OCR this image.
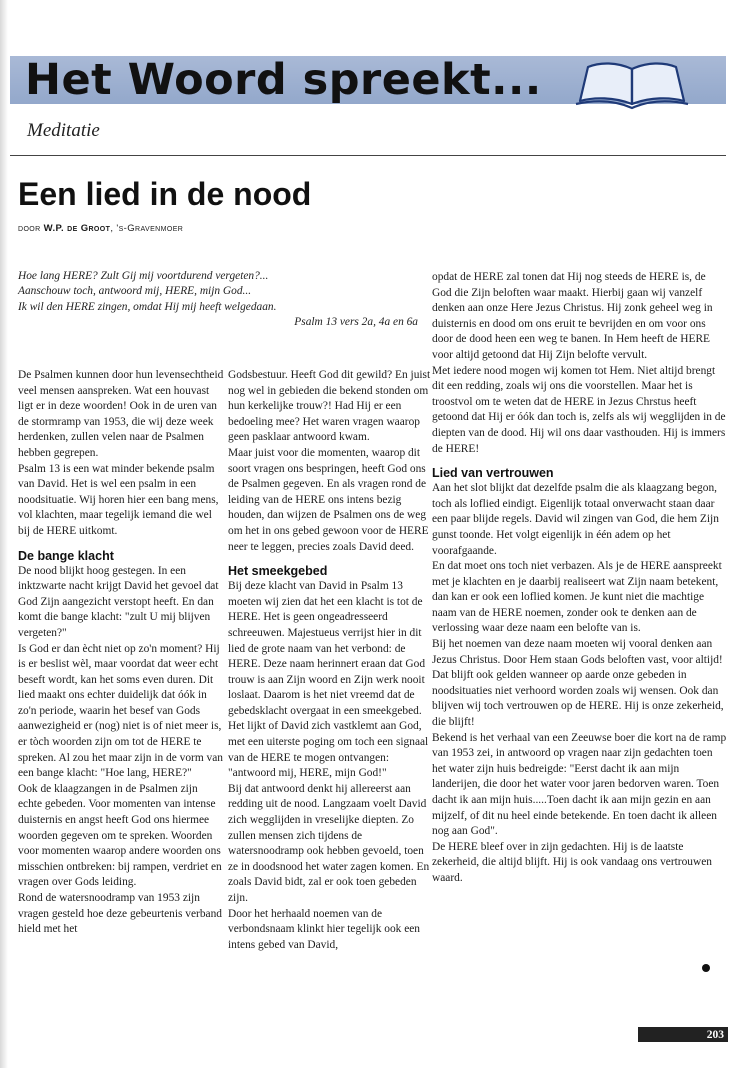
Het Woord spreekt...

Meditatie

Een lied in de nood
door W.P. de Groot, 's-Gravenmoer
Hoe lang HERE? Zult Gij mij voortdurend vergeten?...
Aanschouw toch, antwoord mij, HERE, mijn God...
Ik wil den HERE zingen, omdat Hij mij heeft welgedaan.
Psalm 13 vers 2a, 4a en 6a

De Psalmen kunnen door hun levensechtheid veel mensen aanspreken. Wat een houvast ligt er in deze woorden! Ook in de uren van de stormramp van 1953, die wij deze week herdenken, zullen velen naar de Psalmen hebben gegrepen.

Psalm 13 is een wat minder bekende psalm van David. Het is wel een psalm in een noodsituatie. Wij horen hier een bang mens, vol klachten, maar tegelijk iemand die wel bij de HERE uitkomt.

De bange klacht

De nood blijkt hoog gestegen. In een inktzwarte nacht krijgt David het gevoel dat God Zijn aangezicht verstopt heeft. En dan komt die bange klacht: "zult U mij blijven vergeten?"

Is God er dan ècht niet op zo'n moment? Hij is er beslist wèl, maar voordat dat weer echt beseft wordt, kan het soms even duren. Dit lied maakt ons echter duidelijk dat óók in zo'n periode, waarin het besef van Gods aanwezigheid er (nog) niet is of niet meer is, er tòch woorden zijn om tot de HERE te spreken. Al zou het maar zijn in de vorm van een bange klacht: "Hoe lang, HERE?"

Ook de klaagzangen in de Psalmen zijn echte gebeden. Voor momenten van intense duisternis en angst heeft God ons hiermee woorden gegeven om te spreken. Woorden voor momenten waarop andere woorden ons misschien ontbreken: bij rampen, verdriet en vragen over Gods leiding.

Rond de watersnoodramp van 1953 zijn vragen gesteld hoe deze gebeurtenis verband hield met het

Godsbestuur. Heeft God dit gewild? En juist nog wel in gebieden die bekend stonden om hun kerkelijke trouw?! Had Hij er een bedoeling mee? Het waren vragen waarop geen pasklaar antwoord kwam.

Maar juist voor die momenten, waarop dit soort vragen ons bespringen, heeft God ons de Psalmen gegeven. En als vragen rond de leiding van de HERE ons intens bezig houden, dan wijzen de Psalmen ons de weg om het in ons gebed gewoon voor de HERE neer te leggen, precies zoals David deed.

Het smeekgebed

Bij deze klacht van David in Psalm 13 moeten wij zien dat het een klacht is tot de HERE. Het is geen ongeadresseerd schreeuwen. Majestueus verrijst hier in dit lied de grote naam van het verbond: de HERE. Deze naam herinnert eraan dat God trouw is aan Zijn woord en Zijn werk nooit loslaat. Daarom is het niet vreemd dat de gebedsklacht overgaat in een smeekgebed. Het lijkt of David zich vastklemt aan God, met een uiterste poging om toch een signaal van de HERE te mogen ontvangen: "antwoord mij, HERE, mijn God!"

Bij dat antwoord denkt hij allereerst aan redding uit de nood. Langzaam voelt David zich wegglijden in vreselijke diepten. Zo zullen mensen zich tijdens de watersnoodramp ook hebben gevoeld, toen ze in doodsnood het water zagen komen. En zoals David bidt, zal er ook toen gebeden zijn.

Door het herhaald noemen van de verbondsnaam klinkt hier tegelijk ook een intens gebed van David,

opdat de HERE zal tonen dat Hij nog steeds de HERE is, de God die Zijn beloften waar maakt. Hierbij gaan wij vanzelf denken aan onze Here Jezus Christus. Hij zonk geheel weg in duisternis en dood om ons eruit te bevrijden en om voor ons door de dood heen een weg te banen. In Hem heeft de HERE voor altijd getoond dat Hij Zijn belofte vervult.

Met iedere nood mogen wij komen tot Hem. Niet altijd brengt dit een redding, zoals wij ons die voorstellen. Maar het is troostvol om te weten dat de HERE in Jezus Chrstus heeft getoond dat Hij er óók dan toch is, zelfs als wij wegglijden in de diepten van de dood. Hij wil ons daar vasthouden. Hij is immers de HERE!

Lied van vertrouwen

Aan het slot blijkt dat dezelfde psalm die als klaagzang begon, toch als loflied eindigt. Eigenlijk totaal onverwacht staan daar een paar blijde regels. David wil zingen van God, die hem Zijn gunst toonde. Het volgt eigenlijk in één adem op het voorafgaande.

En dat moet ons toch niet verbazen. Als je de HERE aanspreekt met je klachten en je daarbij realiseert wat Zijn naam betekent, dan kan er ook een loflied komen. Je kunt niet die machtige naam van de HERE noemen, zonder ook te denken aan de verlossing waar deze naam een belofte van is.

Bij het noemen van deze naam moeten wij vooral denken aan Jezus Christus. Door Hem staan Gods beloften vast, voor altijd! Dat blijft ook gelden wanneer op aarde onze gebeden in noodsituaties niet verhoord worden zoals wij wensen. Ook dan blijven wij toch vertrouwen op de HERE. Hij is onze zekerheid, die blijft!

Bekend is het verhaal van een Zeeuwse boer die kort na de ramp van 1953 zei, in antwoord op vragen naar zijn gedachten toen het water zijn huis bedreigde: "Eerst dacht ik aan mijn landerijen, die door het water voor jaren bedorven waren. Toen dacht ik aan mijn huis.....Toen dacht ik aan mijn gezin en aan mijzelf, of dit nu heel einde betekende. En toen dacht ik alleen nog aan God".

De HERE bleef over in zijn gedachten. Hij is de laatste zekerheid, die altijd blijft. Hij is ook vandaag ons vertrouwen waard.

203
